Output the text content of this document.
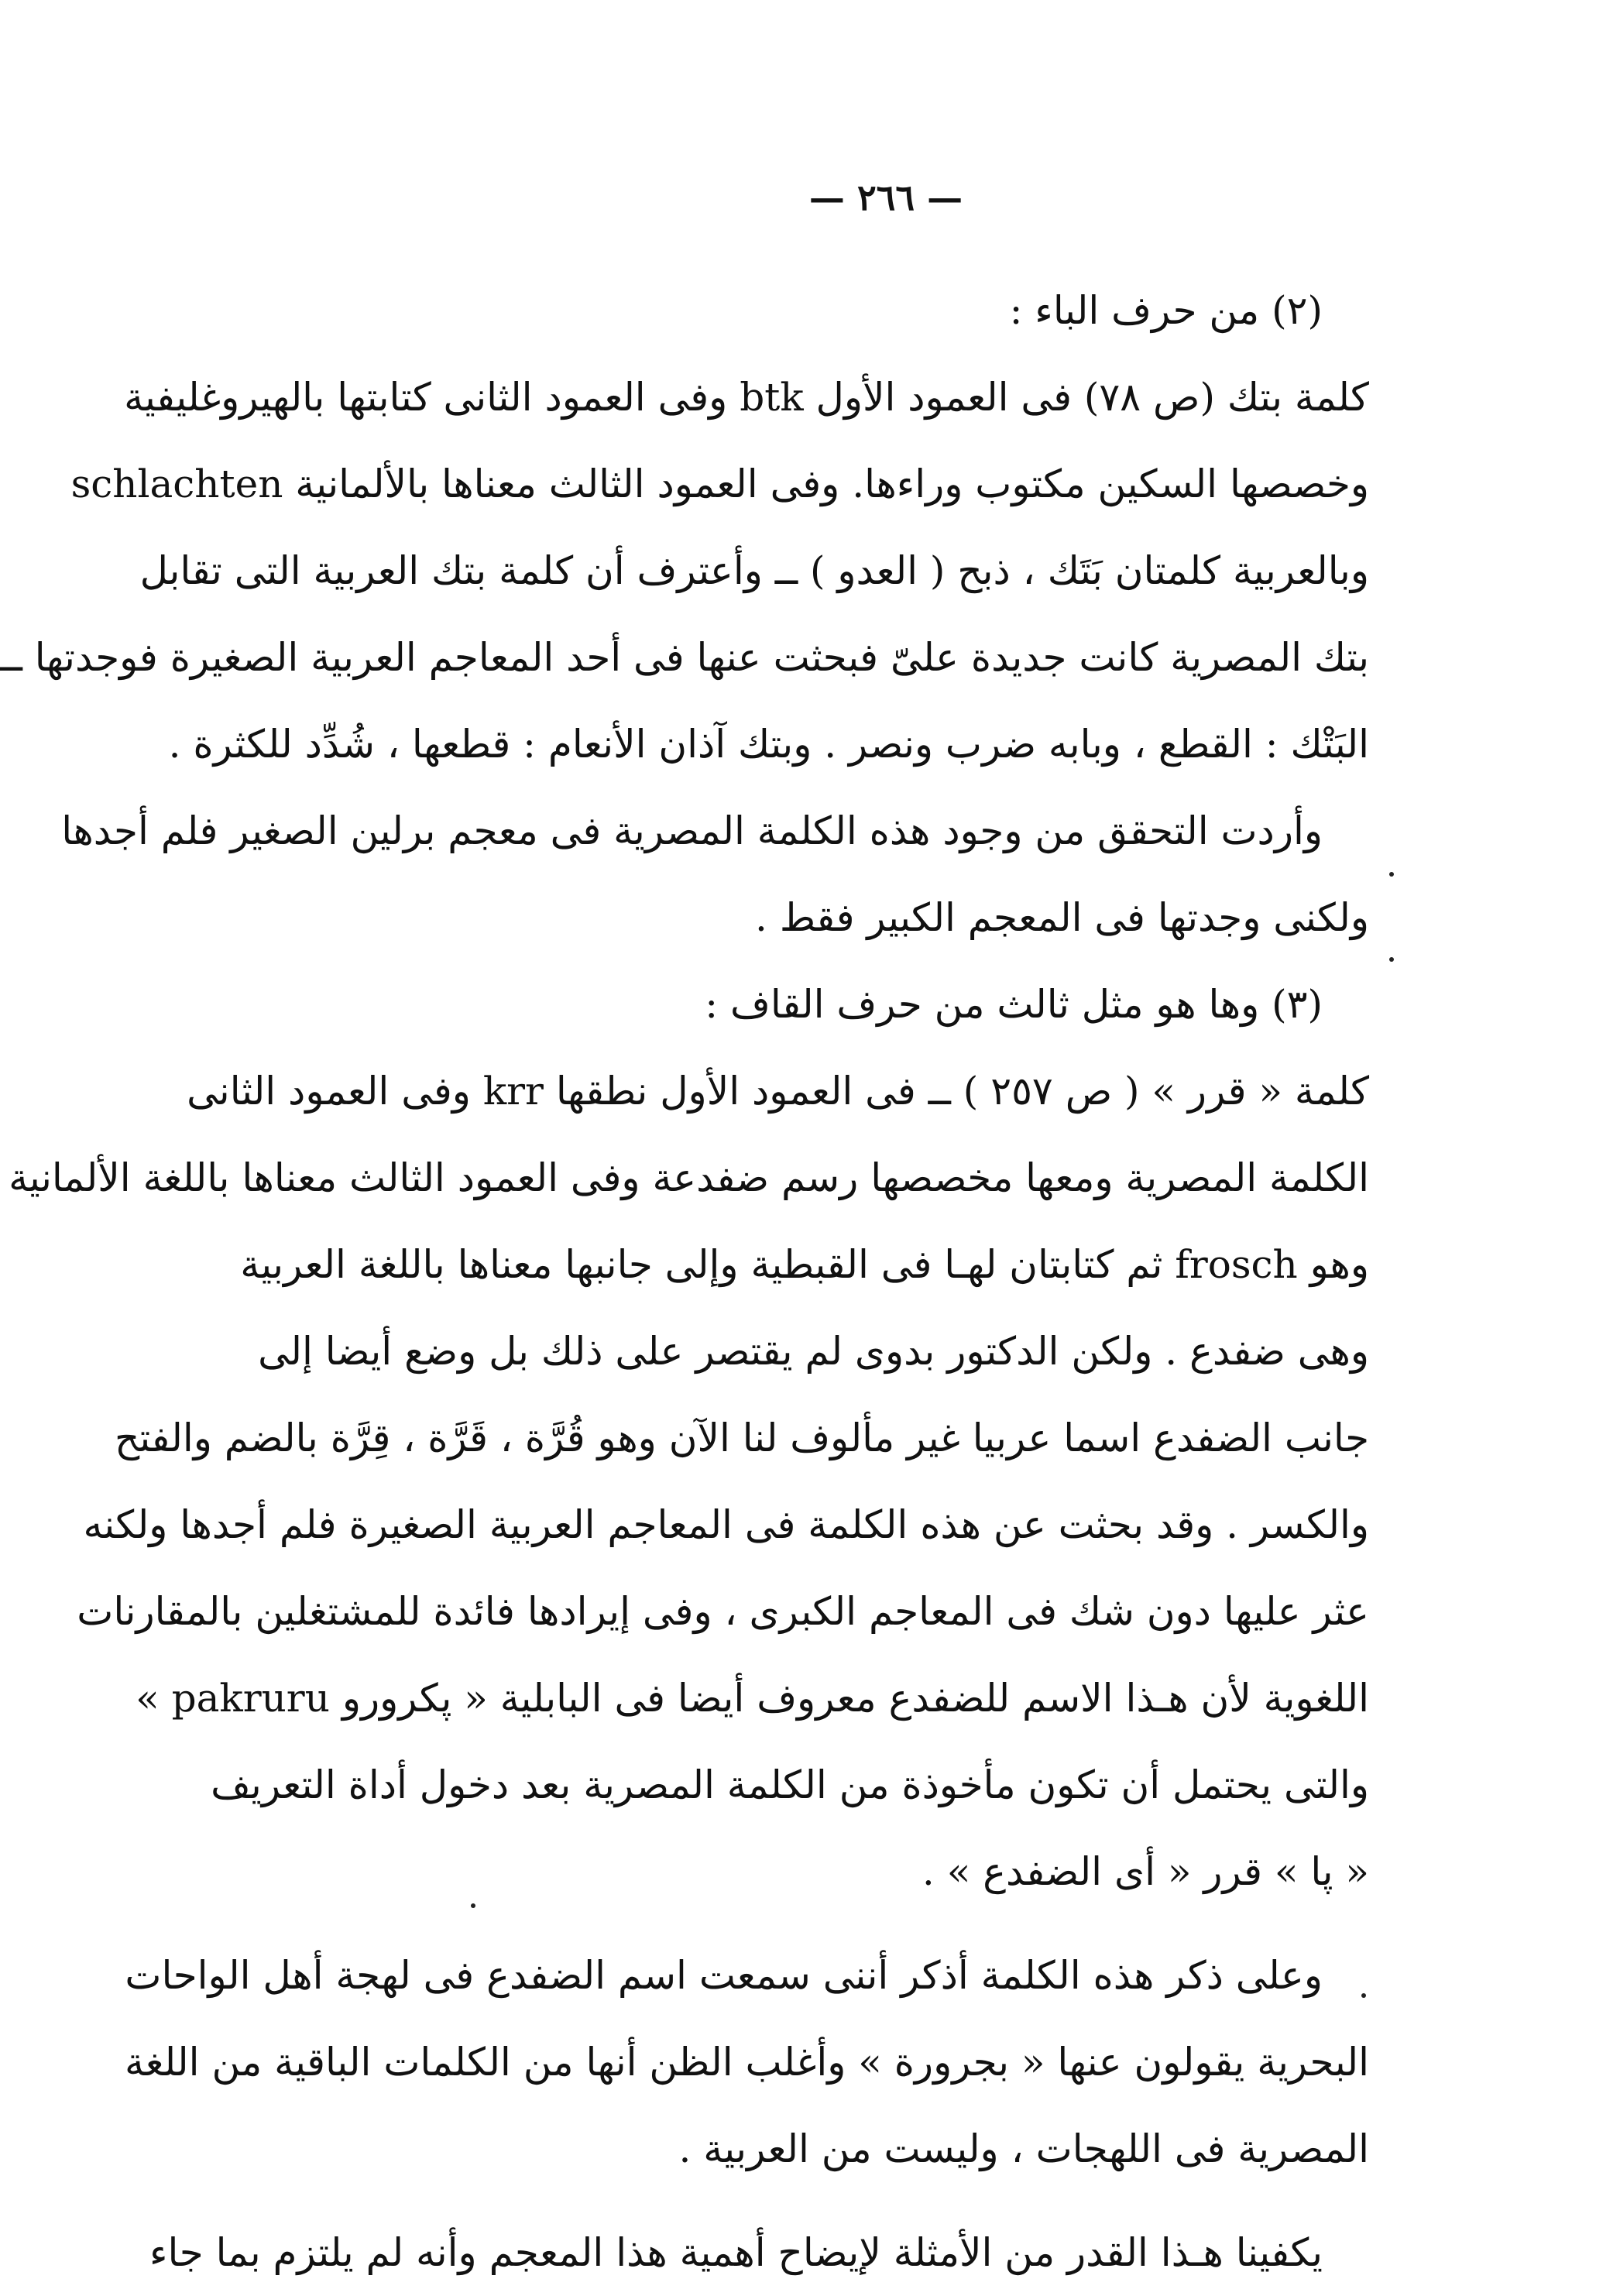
— ٢٦٦ —
(٢) من حرف الباء :
كلمة بتك (ص ٧٨) فى العمود الأول btk وفى العمود الثانى كتابتها بالهيروغليفية
وخصصها السكين مكتوب وراءها. وفى العمود الثالث معناها بالألمانية schlachten
وبالعربية كلمتان بَتَك ، ذبح ( العدو ) ــ وأعترف أن كلمة بتك العربية التى تقابل
بتك المصرية كانت جديدة علىّ فبحثت عنها فى أحد المعاجم العربية الصغيرة فوجدتها ــ
البَتْك : القطع ، وبابه ضرب ونصر . وبتك آذان الأنعام : قطعها ، شُدِّد للكثرة .
وأردت التحقق من وجود هذه الكلمة المصرية فى معجم برلين الصغير فلم أجدها
ولكنى وجدتها فى المعجم الكبير فقط .
(٣) وها هو مثل ثالث من حرف القاف :
كلمة « قرر » ( ص ٢٥٧ ) ــ فى العمود الأول نطقها krr وفى العمود الثانى
الكلمة المصرية ومعها مخصصها رسم ضفدعة وفى العمود الثالث معناها باللغة الألمانية
وهو frosch ثم كتابتان لهـا فى القبطية وإلى جانبها معناها باللغة العربية
وهى ضفدع . ولكن الدكتور بدوى لم يقتصر على ذلك بل وضع أيضا إلى
جانب الضفدع اسما عربيا غير مألوف لنا الآن وهو قُرَّة ، قَرَّة ، قِرَّة بالضم والفتح
والكسر . وقد بحثت عن هذه الكلمة فى المعاجم العربية الصغيرة فلم أجدها ولكنه
عثر عليها دون شك فى المعاجم الكبرى ، وفى إيرادها فائدة للمشتغلين بالمقارنات
اللغوية لأن هـذا الاسم للضفدع معروف أيضا فى البابلية « پكرورو pakruru »
والتى يحتمل أن تكون مأخوذة من الكلمة المصرية بعد دخول أداة التعريف
« پا » قرر « أى الضفدع » .
وعلى ذكر هذه الكلمة أذكر أننى سمعت اسم الضفدع فى لهجة أهل الواحات
البحرية يقولون عنها « بجرورة » وأغلب الظن أنها من الكلمات الباقية من اللغة
المصرية فى اللهجات ، وليست من العربية .
يكفينا هـذا القدر من الأمثلة لإيضاح أهمية هذا المعجم وأنه لم يلتزم بما جاء
